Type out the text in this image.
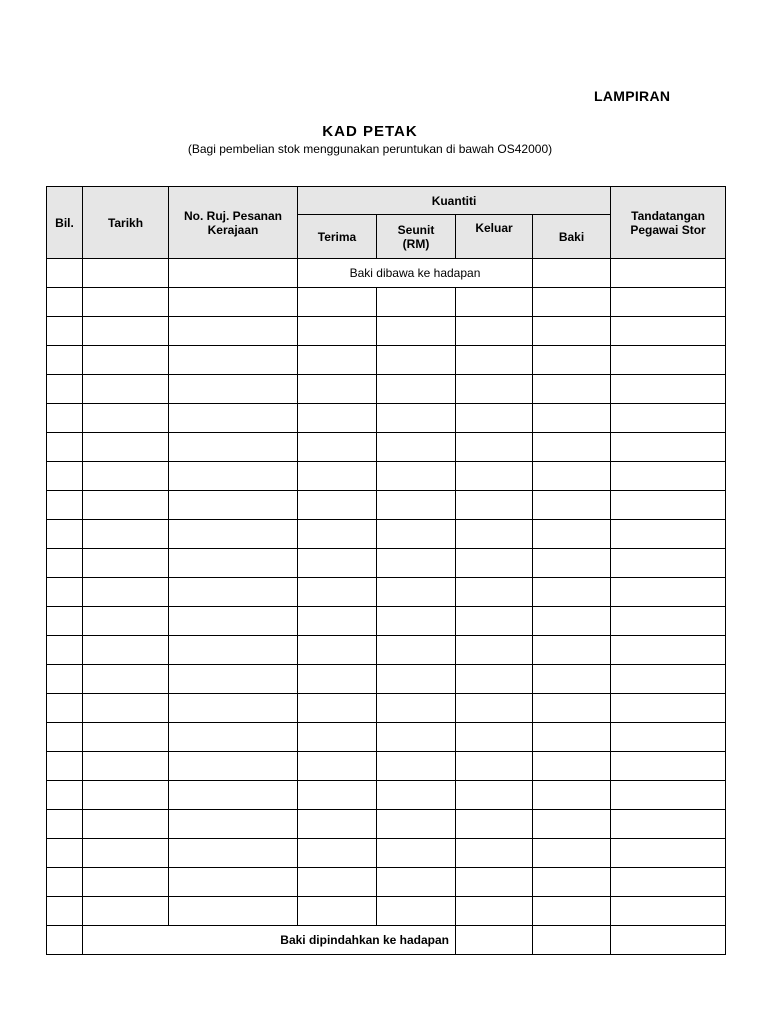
LAMPIRAN
KAD PETAK
(Bagi pembelian stok menggunakan peruntukan di bawah OS42000)
Bil.	Tarikh	No. Ruj. Pesanan Kerajaan	Kuantiti				Tandatangan Pegawai Stor
			Terima	Seunit (RM)	Keluar	Baki	
			Baki dibawa ke hadapan				

	Baki dipindahkan ke hadapan						
